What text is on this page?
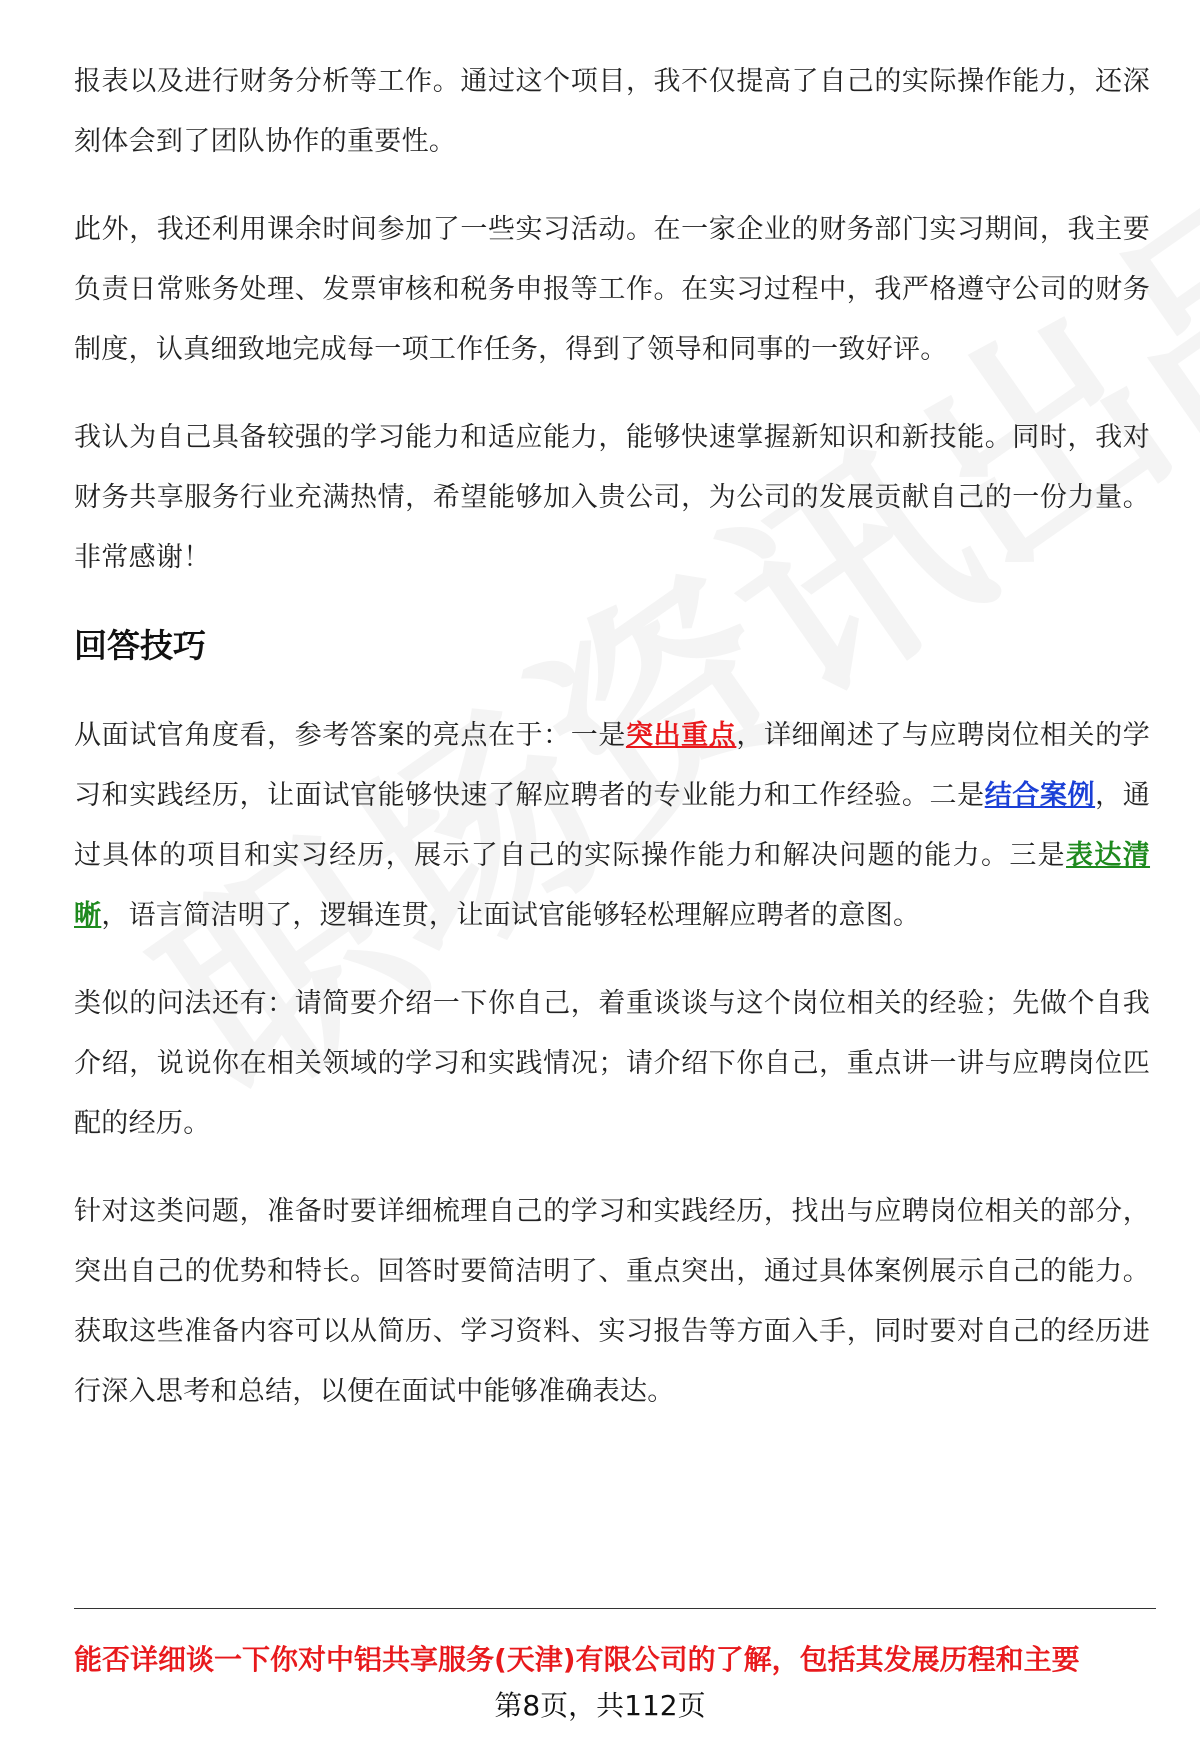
报表以及进行财务分析等工作。通过这个项目，我不仅提高了自己的实际操作能力，还深刻体会到了团队协作的重要性。

此外，我还利用课余时间参加了一些实习活动。在一家企业的财务部门实习期间，我主要负责日常账务处理、发票审核和税务申报等工作。在实习过程中，我严格遵守公司的财务制度，认真细致地完成每一项工作任务，得到了领导和同事的一致好评。

我认为自己具备较强的学习能力和适应能力，能够快速掌握新知识和新技能。同时，我对财务共享服务行业充满热情，希望能够加入贵公司，为公司的发展贡献自己的一份力量。非常感谢！

回答技巧

从面试官角度看，参考答案的亮点在于：一是突出重点，详细阐述了与应聘岗位相关的学习和实践经历，让面试官能够快速了解应聘者的专业能力和工作经验。二是结合案例，通过具体的项目和实习经历，展示了自己的实际操作能力和解决问题的能力。三是表达清晰，语言简洁明了，逻辑连贯，让面试官能够轻松理解应聘者的意图。

类似的问法还有：请简要介绍一下你自己，着重谈谈与这个岗位相关的经验；先做个自我介绍，说说你在相关领域的学习和实践情况；请介绍下你自己，重点讲一讲与应聘岗位匹配的经历。

针对这类问题，准备时要详细梳理自己的学习和实践经历，找出与应聘岗位相关的部分，突出自己的优势和特长。回答时要简洁明了、重点突出，通过具体案例展示自己的能力。获取这些准备内容可以从简历、学习资料、实习报告等方面入手，同时要对自己的经历进行深入思考和总结，以便在面试中能够准确表达。

能否详细谈一下你对中铝共享服务(天津)有限公司的了解，包括其发展历程和主要
第8页，共112页
